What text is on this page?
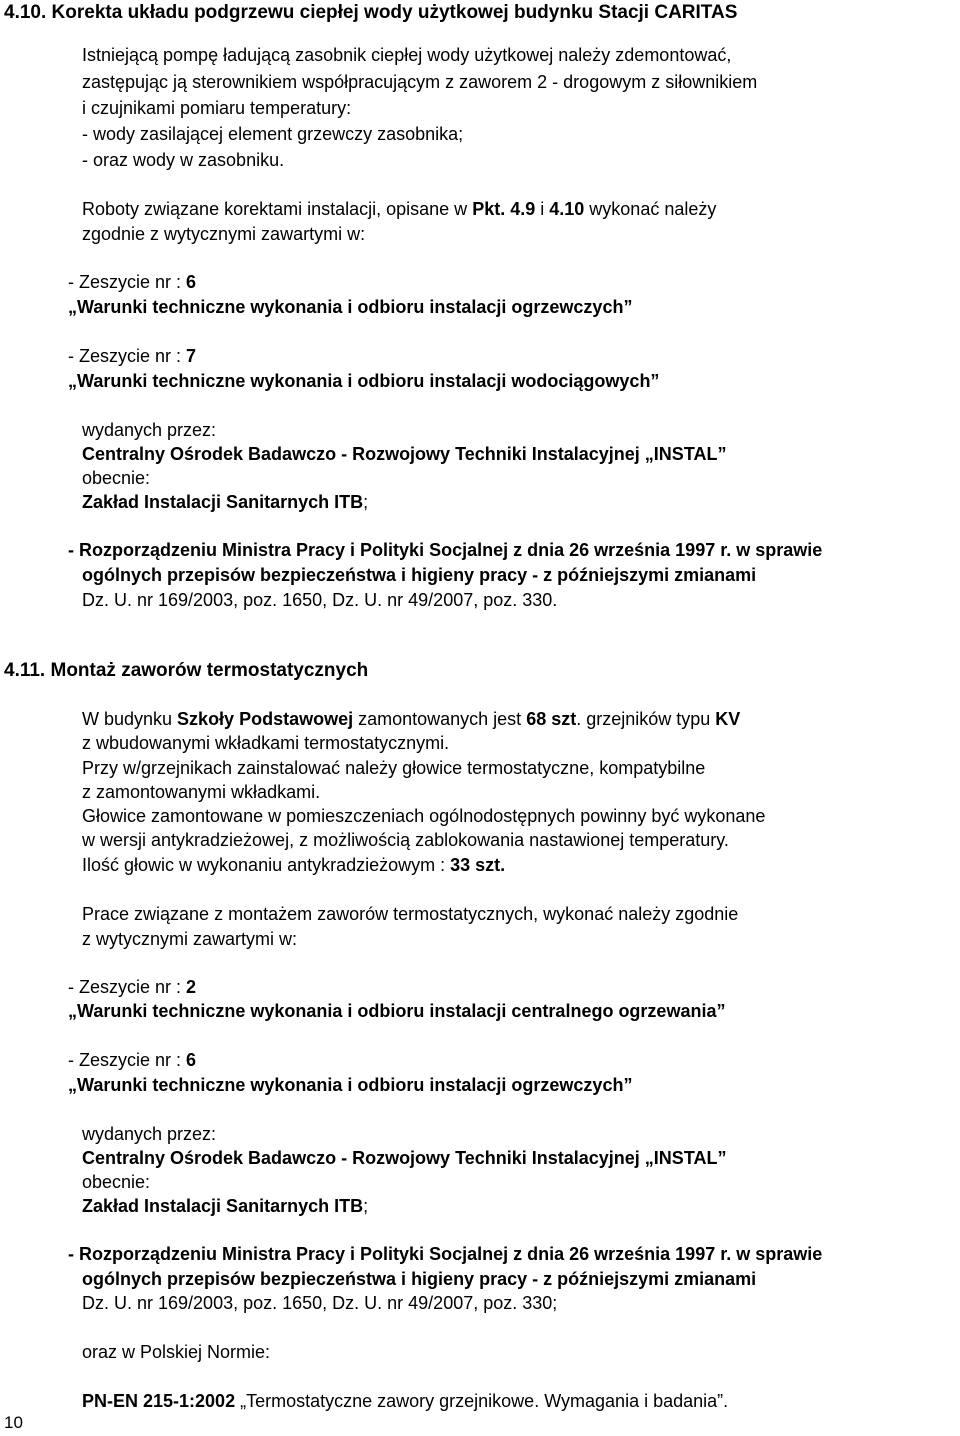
4.10. Korekta układu podgrzewu ciepłej wody użytkowej budynku Stacji CARITAS
Istniejącą pompę ładującą zasobnik ciepłej wody użytkowej należy zdemontować,
zastępując ją sterownikiem współpracującym z zaworem 2 - drogowym z siłownikiem
i czujnikami pomiaru temperatury:
- wody zasilającej element grzewczy zasobnika;
- oraz wody w zasobniku.
Roboty związane korektami instalacji, opisane w Pkt. 4.9 i 4.10 wykonać należy
zgodnie z wytycznymi zawartymi w:
- Zeszycie nr : 6
„Warunki techniczne wykonania i odbioru instalacji ogrzewczych”
- Zeszycie nr : 7
„Warunki techniczne wykonania i odbioru instalacji wodociągowych”
wydanych przez:
Centralny Ośrodek Badawczo - Rozwojowy Techniki Instalacyjnej „INSTAL”
obecnie:
Zakład Instalacji Sanitarnych ITB;
- Rozporządzeniu Ministra Pracy i Polityki Socjalnej z dnia 26 września 1997 r. w sprawie
ogólnych przepisów bezpieczeństwa i higieny pracy - z późniejszymi zmianami
Dz. U. nr 169/2003, poz. 1650, Dz. U. nr 49/2007, poz. 330.
4.11. Montaż zaworów termostatycznych
W budynku Szkoły Podstawowej zamontowanych jest 68 szt. grzejników typu KV
z wbudowanymi wkładkami termostatycznymi.
Przy w/grzejnikach zainstalować należy głowice termostatyczne, kompatybilne
z zamontowanymi wkładkami.
Głowice zamontowane w pomieszczeniach ogólnodostępnych powinny być wykonane
w wersji antykradzieżowej, z możliwością zablokowania nastawionej temperatury.
Ilość głowic w wykonaniu antykradzieżowym : 33 szt.
Prace związane z montażem zaworów termostatycznych, wykonać należy zgodnie
z wytycznymi zawartymi w:
- Zeszycie nr : 2
„Warunki techniczne wykonania i odbioru instalacji centralnego ogrzewania”
- Zeszycie nr : 6
„Warunki techniczne wykonania i odbioru instalacji ogrzewczych”
wydanych przez:
Centralny Ośrodek Badawczo - Rozwojowy Techniki Instalacyjnej „INSTAL”
obecnie:
Zakład Instalacji Sanitarnych ITB;
- Rozporządzeniu Ministra Pracy i Polityki Socjalnej z dnia 26 września 1997 r. w sprawie
ogólnych przepisów bezpieczeństwa i higieny pracy - z późniejszymi zmianami
Dz. U. nr 169/2003, poz. 1650, Dz. U. nr 49/2007, poz. 330;
oraz w Polskiej Normie:
PN-EN 215-1:2002 „Termostatyczne zawory grzejnikowe. Wymagania i badania”.
10
